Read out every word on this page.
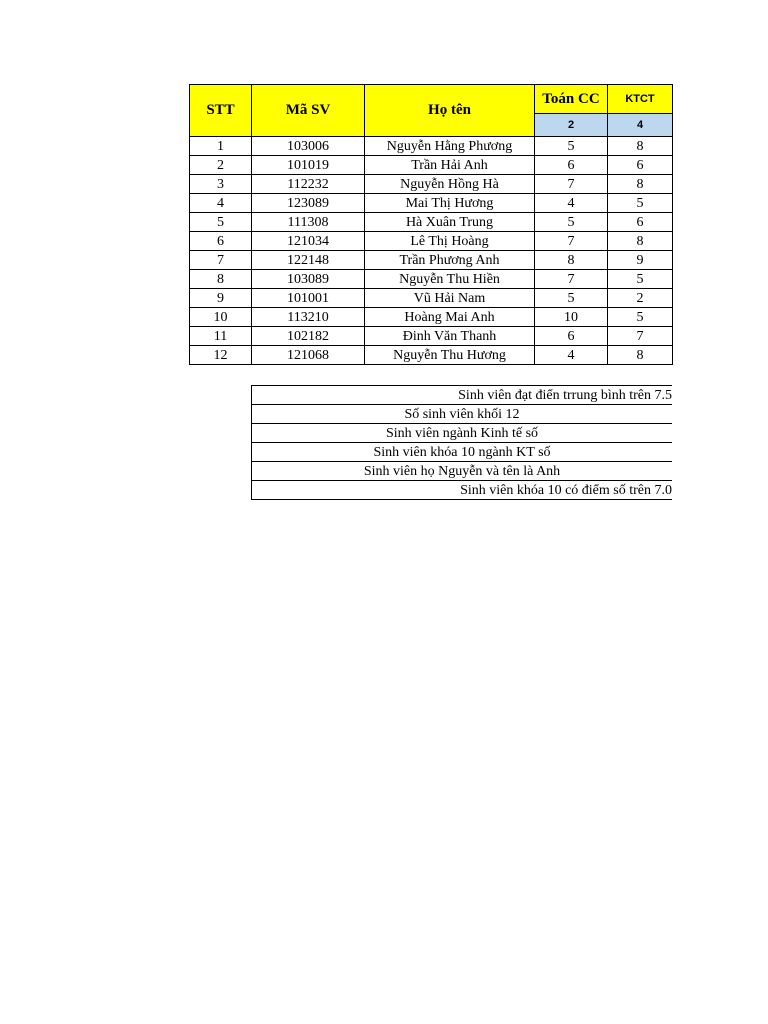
STT	Mã SV	Họ tên	Toán CC	KTCT
			2	4
1	103006	Nguyễn Hằng Phương	5	8
2	101019	Trần Hải Anh	6	6
3	112232	Nguyễn Hồng Hà	7	8
4	123089	Mai Thị Hương	4	5
5	111308	Hà Xuân Trung	5	6
6	121034	Lê Thị Hoàng	7	8
7	122148	Trần Phương Anh	8	9
8	103089	Nguyễn Thu Hiền	7	5
9	101001	Vũ Hải Nam	5	2
10	113210	Hoàng Mai Anh	10	5
11	102182	Đinh Văn Thanh	6	7
12	121068	Nguyễn Thu Hương	4	8
Sinh viên đạt điển trrung bình trên 7.5
Số sinh viên khối 12
Sinh viên ngành Kinh tế số
Sinh viên khóa 10 ngành KT số
Sinh viên họ Nguyễn và tên là Anh
Sinh viên khóa 10 có điểm số trên 7.0
